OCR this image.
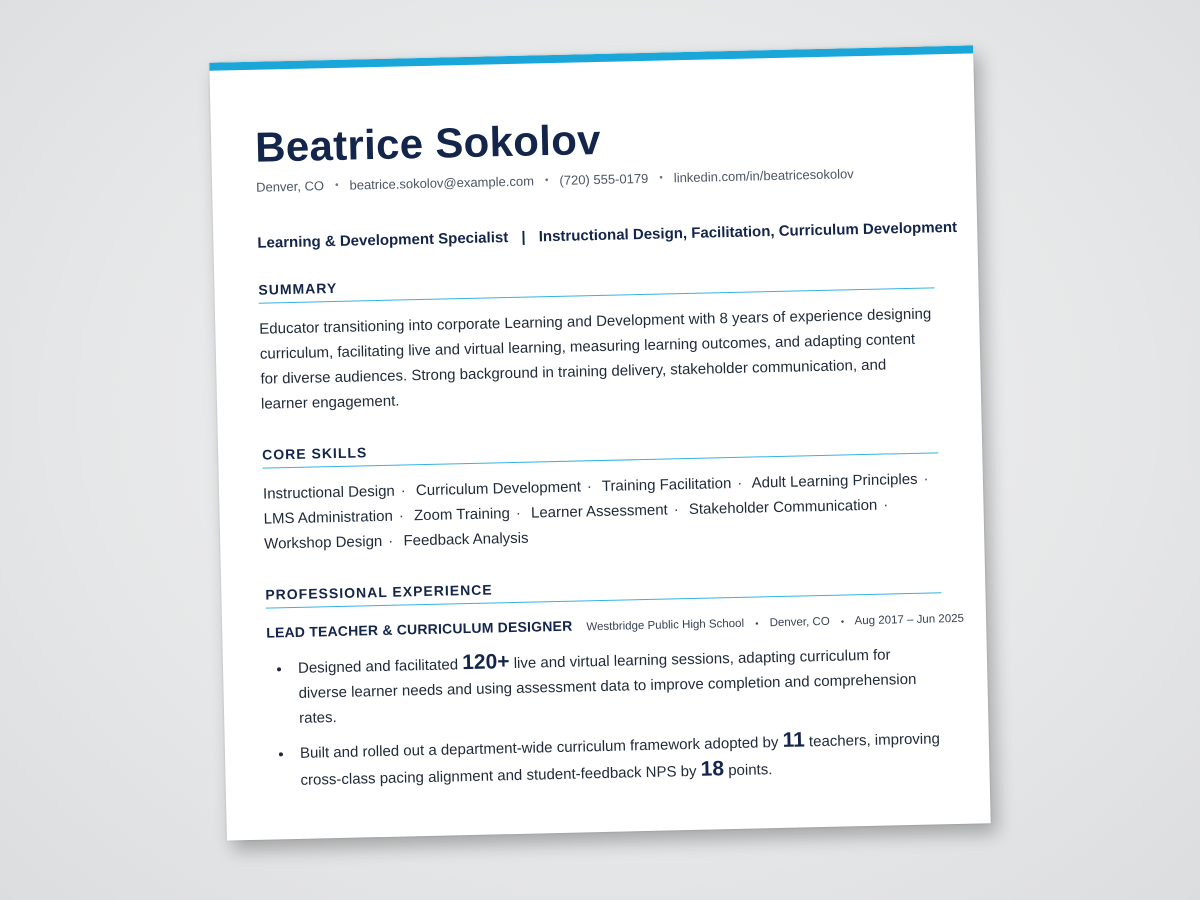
Beatrice Sokolov
Denver, CO • beatrice.sokolov@example.com • (720) 555-0179 • linkedin.com/in/beatricesokolov
Learning & Development Specialist | Instructional Design, Facilitation, Curriculum Development
SUMMARY
Educator transitioning into corporate Learning and Development with 8 years of experience designing curriculum, facilitating live and virtual learning, measuring learning outcomes, and adapting content for diverse audiences. Strong background in training delivery, stakeholder communication, and learner engagement.
CORE SKILLS
Instructional Design · Curriculum Development · Training Facilitation · Adult Learning Principles · LMS Administration · Zoom Training · Learner Assessment · Stakeholder Communication · Workshop Design · Feedback Analysis
PROFESSIONAL EXPERIENCE
LEAD TEACHER & CURRICULUM DESIGNER Westbridge Public High School • Denver, CO • Aug 2017 – Jun 2025
• Designed and facilitated 120+ live and virtual learning sessions, adapting curriculum for diverse learner needs and using assessment data to improve completion and comprehension rates.
• Built and rolled out a department-wide curriculum framework adopted by 11 teachers, improving cross-class pacing alignment and student-feedback NPS by 18 points.
